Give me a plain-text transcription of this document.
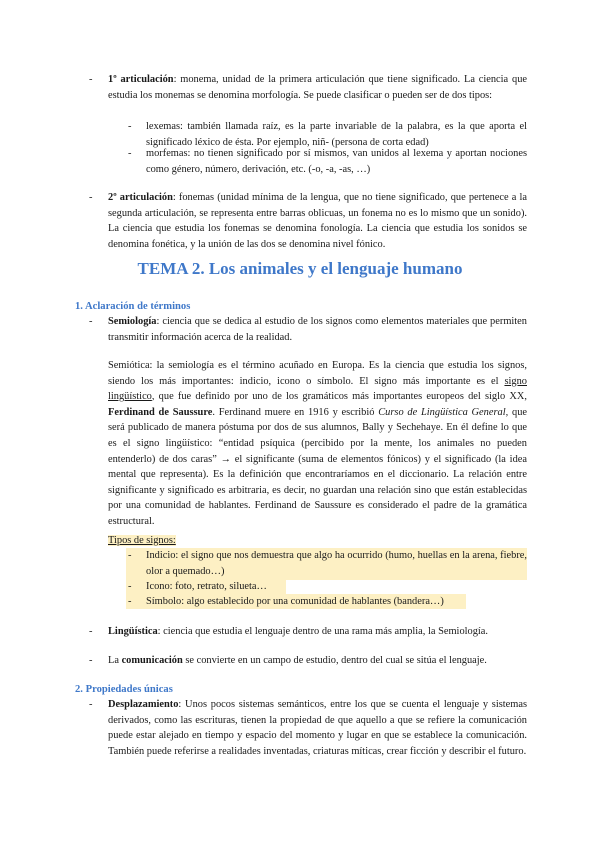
- 1º articulación: monema, unidad de la primera articulación que tiene significado. La ciencia que estudia los monemas se denomina morfología. Se puede clasificar o pueden ser de dos tipos:

- lexemas: también llamada raíz, es la parte invariable de la palabra, es la que aporta el significado léxico de ésta. Por ejemplo, niñ- (persona de corta edad)

- morfemas: no tienen significado por sí mismos, van unidos al lexema y aportan nociones como género, número, derivación, etc. (-o, -a, -as, …)

- 2º articulación: fonemas (unidad mínima de la lengua, que no tiene significado, que pertenece a la segunda articulación, se representa entre barras oblicuas, un fonema no es lo mismo que un sonido). La ciencia que estudia los fonemas se denomina fonología. La ciencia que estudia los sonidos se denomina fonética, y la unión de las dos se denomina nivel fónico.

TEMA 2. Los animales y el lenguaje humano
1. Aclaración de términos
- Semiología: ciencia que se dedica al estudio de los signos como elementos materiales que permiten transmitir información acerca de la realidad.

Semiótica: la semiología es el término acuñado en Europa. Es la ciencia que estudia los signos, siendo los más importantes: indicio, icono o símbolo. El signo más importante es el signo lingüístico, que fue definido por uno de los gramáticos más importantes europeos del siglo XX, Ferdinand de Saussure. Ferdinand muere en 1916 y escribió Curso de Lingüística General, que será publicado de manera póstuma por dos de sus alumnos, Bally y Sechehaye. En él define lo que es el signo lingüístico: “entidad psíquica (percibido por la mente, los animales no pueden entenderlo) de dos caras” → el significante (suma de elementos fónicos) y el significado (la idea mental que representa). Es la definición que encontraríamos en el diccionario. La relación entre significante y significado es arbitraria, es decir, no guardan una relación sino que están establecidas por una comunidad de hablantes. Ferdinand de Saussure es considerado el padre de la gramática estructural.

Tipos de signos:

- Indicio: el signo que nos demuestra que algo ha ocurrido (humo, huellas en la arena, fiebre, olor a quemado…)

- Icono: foto, retrato, silueta…

- Símbolo: algo establecido por una comunidad de hablantes (bandera…)

- Lingüística: ciencia que estudia el lenguaje dentro de una rama más amplia, la Semiología.

- La comunicación se convierte en un campo de estudio, dentro del cual se sitúa el lenguaje.

2. Propiedades únicas
- Desplazamiento: Unos pocos sistemas semánticos, entre los que se cuenta el lenguaje y sistemas derivados, como las escrituras, tienen la propiedad de que aquello a que se refiere la comunicación puede estar alejado en tiempo y espacio del momento y lugar en que se establece la comunicación. También puede referirse a realidades inventadas, criaturas míticas, crear ficción y describir el futuro.
